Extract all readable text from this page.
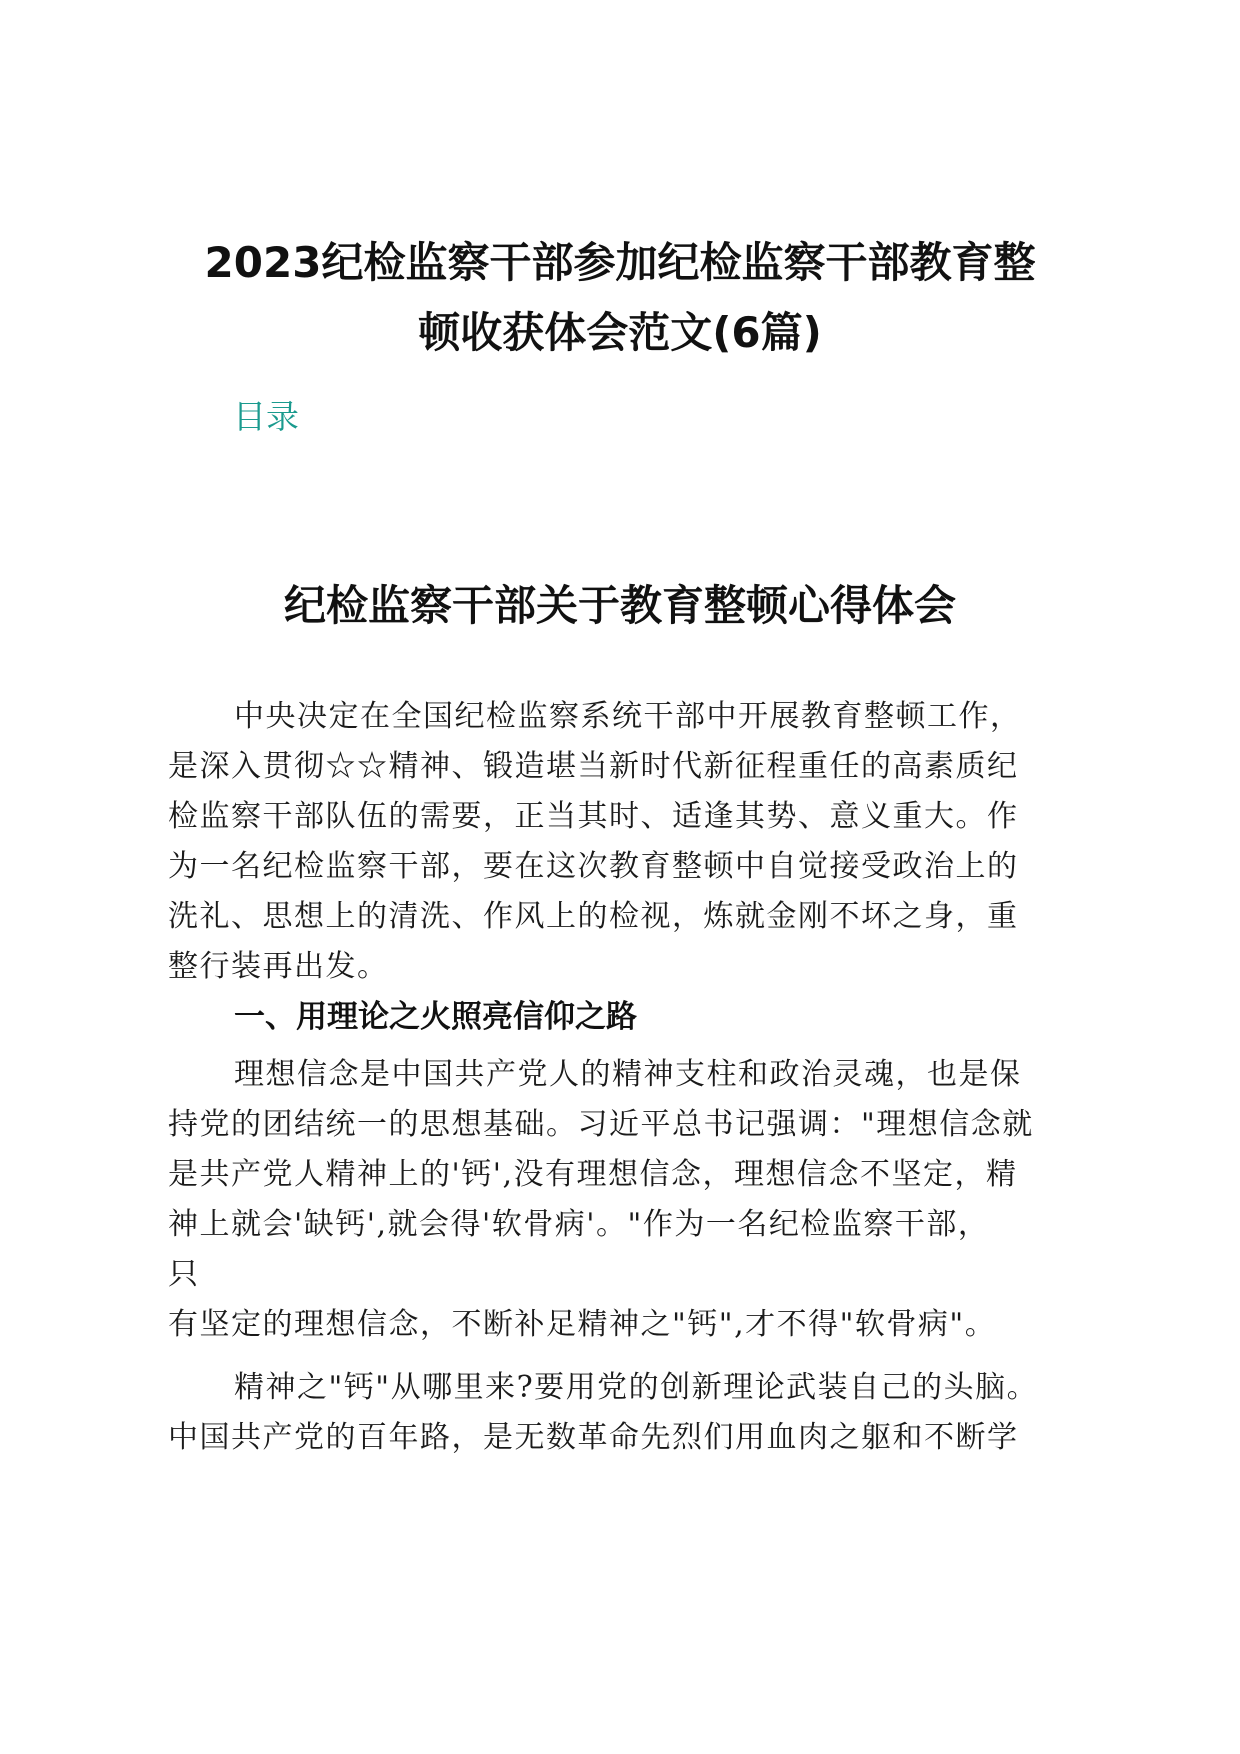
2023纪检监察干部参加纪检监察干部教育整
顿收获体会范文(6篇)
目录
纪检监察干部关于教育整顿心得体会

中央决定在全国纪检监察系统干部中开展教育整顿工作，
是深入贯彻☆☆精神、锻造堪当新时代新征程重任的高素质纪
检监察干部队伍的需要，正当其时、适逢其势、意义重大。作
为一名纪检监察干部，要在这次教育整顿中自觉接受政治上的
洗礼、思想上的清洗、作风上的检视，炼就金刚不坏之身，重
整行装再出发。

一、用理论之火照亮信仰之路

理想信念是中国共产党人的精神支柱和政治灵魂，也是保
持党的团结统一的思想基础。习近平总书记强调："理想信念就
是共产党人精神上的'钙',没有理想信念，理想信念不坚定，精
神上就会'缺钙',就会得'软骨病'。"作为一名纪检监察干部，
只

有坚定的理想信念，不断补足精神之"钙",才不得"软骨病"。

精神之"钙"从哪里来?要用党的创新理论武装自己的头脑。
中国共产党的百年路，是无数革命先烈们用血肉之躯和不断学
